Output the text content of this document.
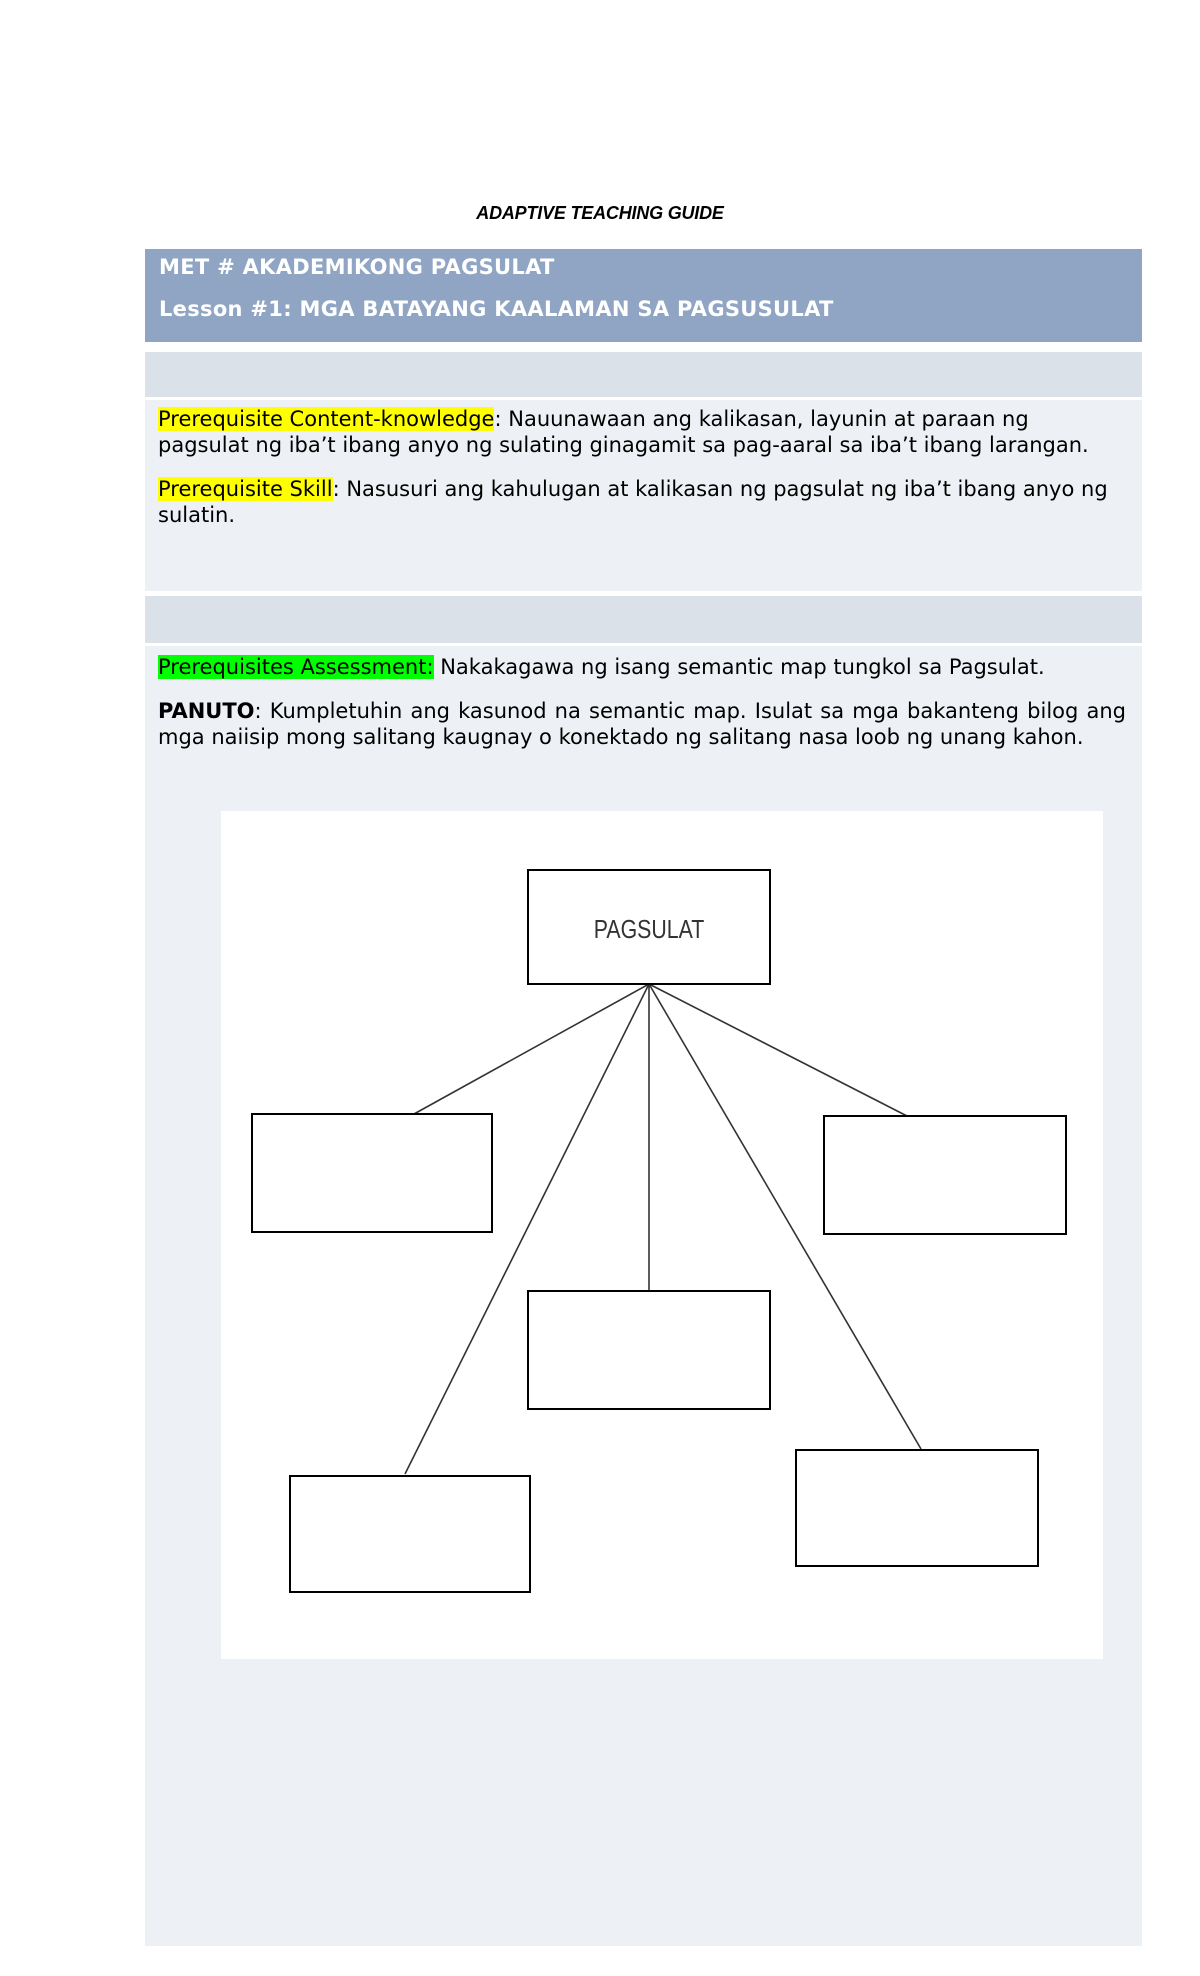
ADAPTIVE TEACHING GUIDE
MET # AKADEMIKONG PAGSULAT
Lesson #1: MGA BATAYANG KAALAMAN SA PAGSUSULAT
Prerequisite Content-knowledge: Nauunawaan ang kalikasan, layunin at paraan ng pagsulat ng iba’t ibang anyo ng sulating ginagamit sa pag-aaral sa iba’t ibang larangan.
Prerequisite Skill: Nasusuri ang kahulugan at kalikasan ng pagsulat ng iba’t ibang anyo ng sulatin.
Prerequisites Assessment: Nakakagawa ng isang semantic map tungkol sa Pagsulat.
PANUTO: Kumpletuhin ang kasunod na semantic map. Isulat sa mga bakanteng bilog ang mga naiisip mong salitang kaugnay o konektado ng salitang nasa loob ng unang kahon.
PAGSULAT
